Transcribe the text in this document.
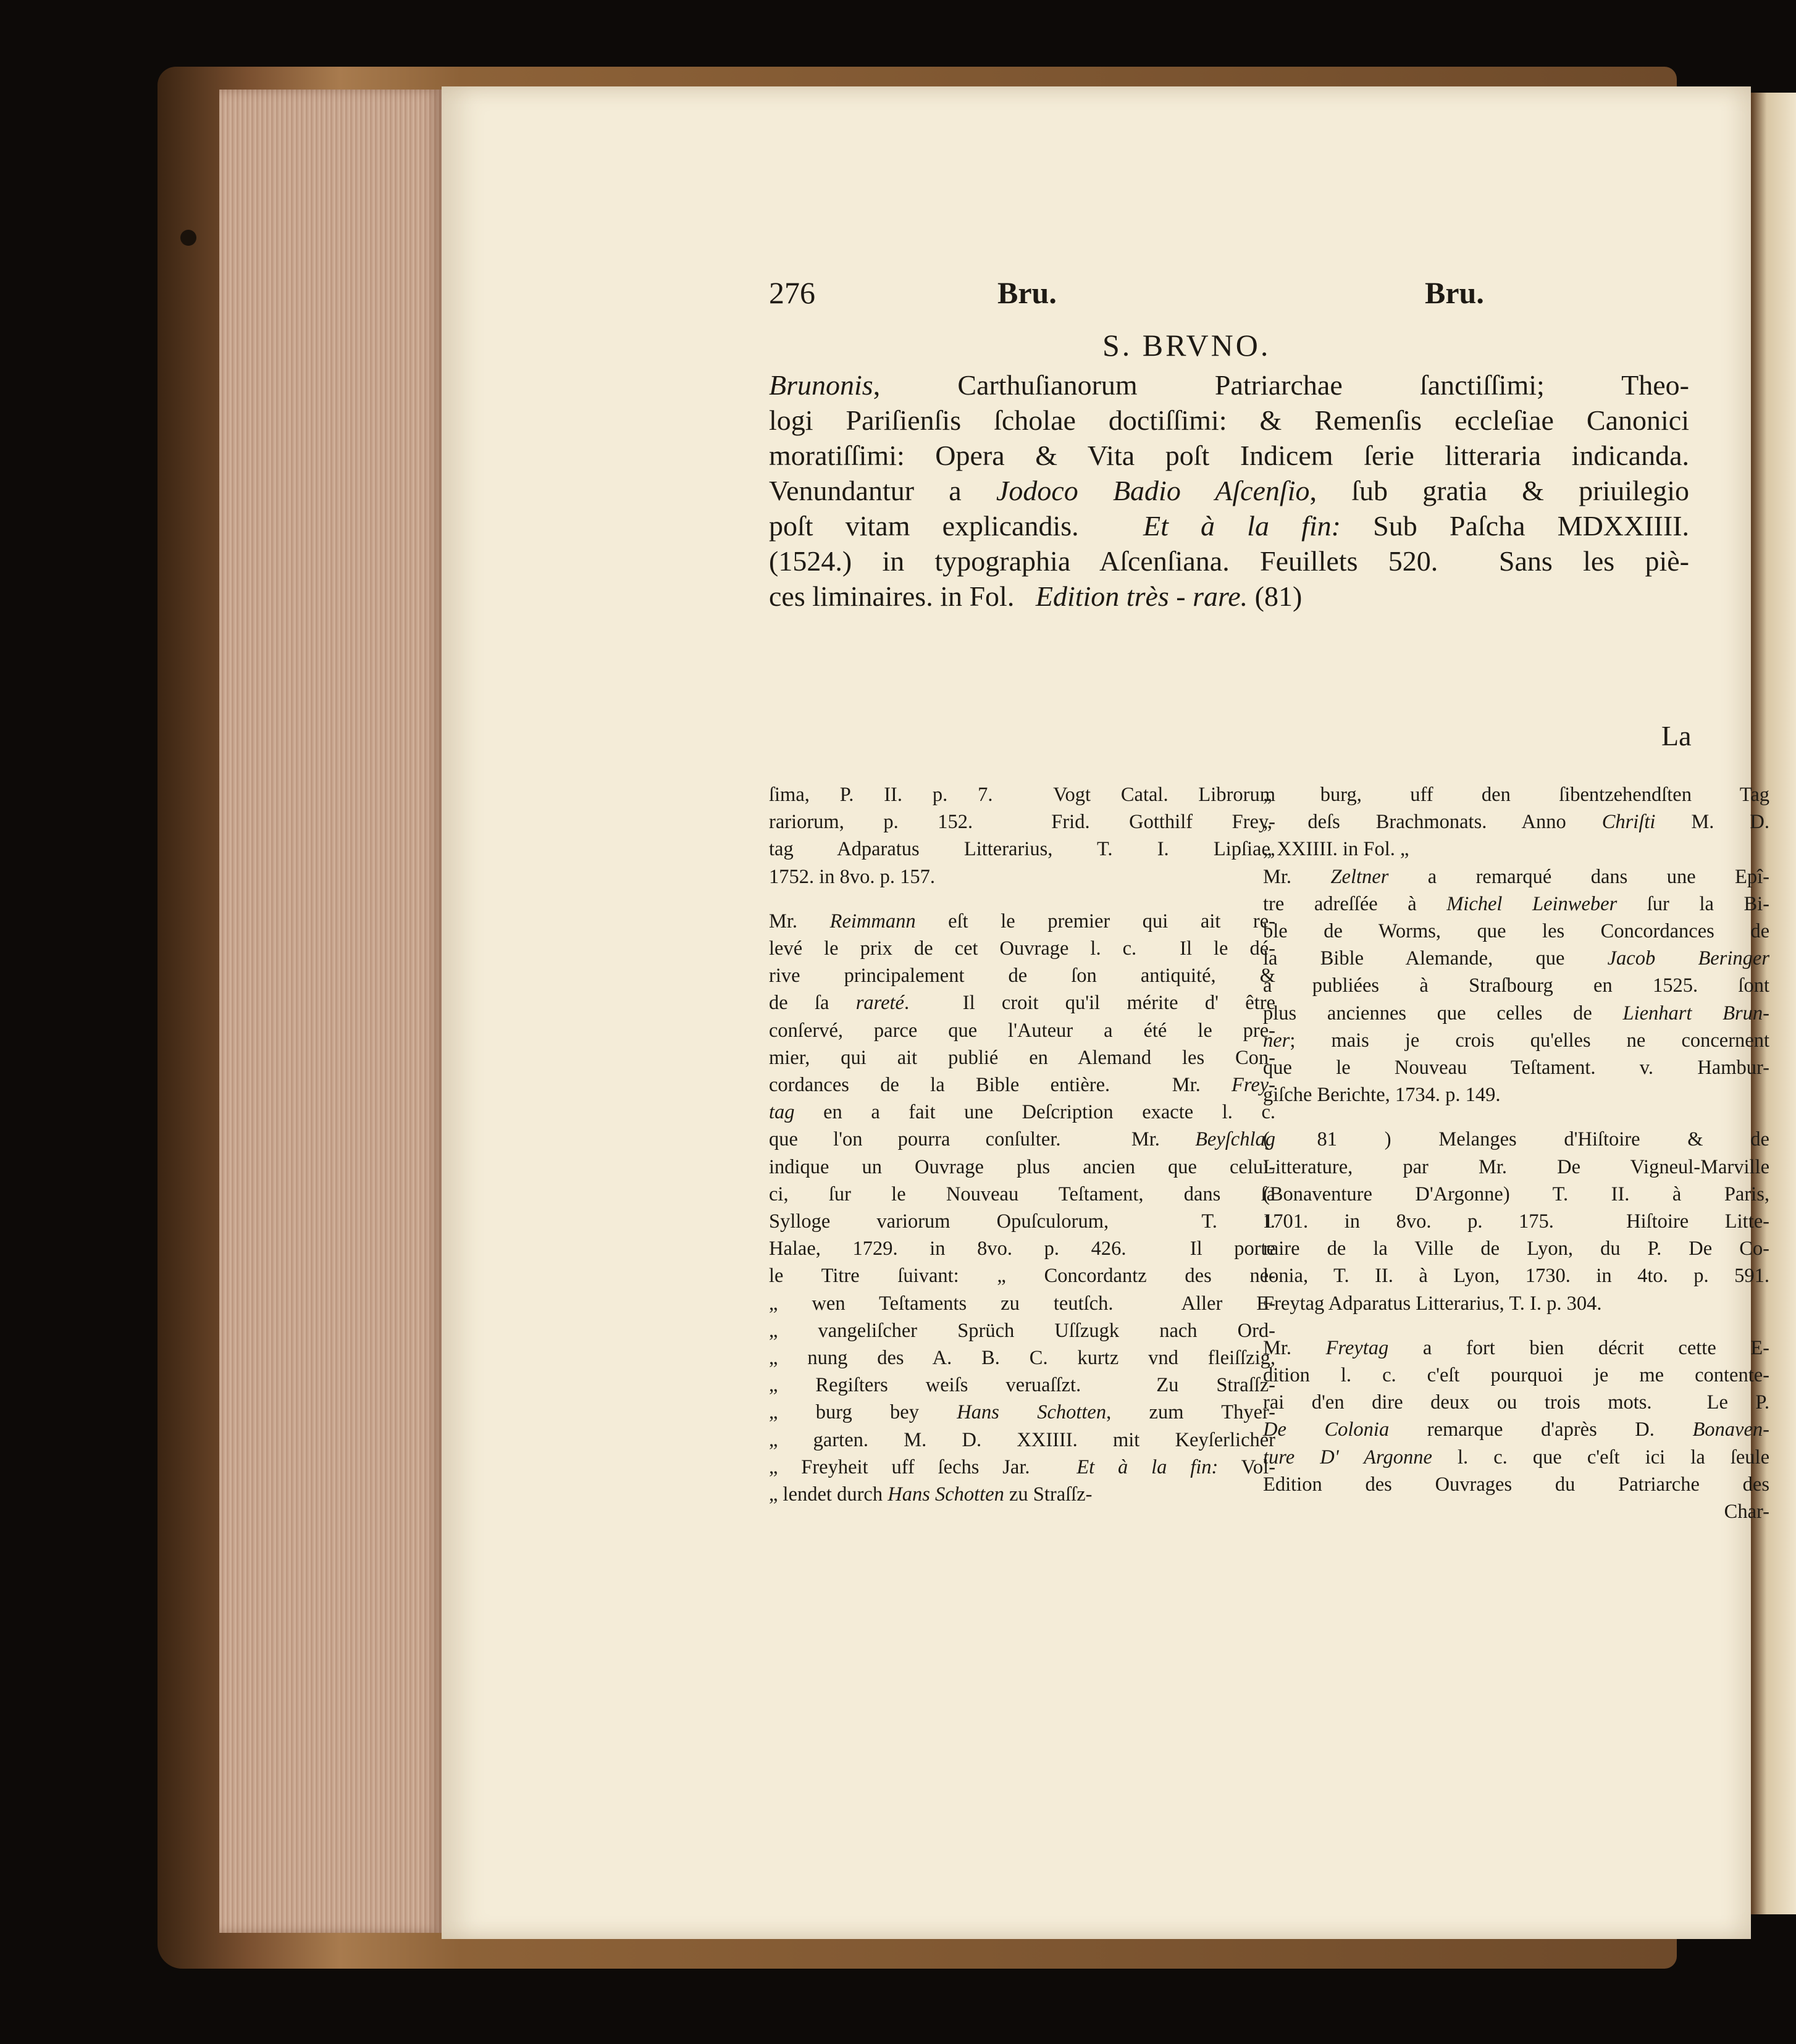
276	Bru.	Bru.
S. BRVNO.
Brunonis, Carthuſianorum Patriarchae ſanctiſſimi; Theo-
logi Pariſienſis ſcholae doctiſſimi: & Remenſis eccleſiae Canonici
moratiſſimi: Opera & Vita poſt Indicem ſerie litteraria indicanda.
Venundantur a Jodoco Badio Aſcenſio, ſub gratia & priuilegio
poſt vitam explicandis.  Et à la fin: Sub Paſcha MDXXIIII.
(1524.) in typographia Aſcenſiana. Feuillets 520.  Sans les piè-
ces liminaires. in Fol.   Edition très - rare. (81)
La
ſima, P. II. p. 7.  Vogt Catal. Librorum
rariorum, p. 152.  Frid. Gotthilf Frey-
tag Adparatus Litterarius, T. I. Lipſiae,
1752. in 8vo. p. 157.
Mr. Reimmann eſt le premier qui ait re-
levé le prix de cet Ouvrage l. c.  Il le dé-
rive principalement de ſon antiquité, &
de ſa rareté.  Il croit qu'il mérite d' être
conſervé, parce que l'Auteur a été le pre-
mier, qui ait publié en Alemand les Con-
cordances de la Bible entière.  Mr. Frey-
tag en a fait une Deſcription exacte l. c.
que l'on pourra conſulter.  Mr. Beyſchlag
indique un Ouvrage plus ancien que celui-
ci, ſur le Nouveau Teſtament, dans ſa
Sylloge variorum Opuſculorum,  T. I.
Halae, 1729. in 8vo. p. 426.  Il porte
le Titre ſuivant: „ Concordantz des ne-
„ wen Teſtaments zu teutſch.  Aller E-
„ vangeliſcher Sprüch Uſſzugk nach Ord-
„ nung des A. B. C. kurtz vnd fleiſſzig,
„ Regiſters weiſs veruaſſzt.  Zu Straſſz-
„ burg bey Hans Schotten, zum Thyer-
„ garten. M. D. XXIIII. mit Keyſerlicher
„ Freyheit uff ſechs Jar.  Et à la fin: Vol-
„ lendet durch Hans Schotten zu Straſſz-
„ burg, uff den ſibentzehendſten Tag
„ deſs Brachmonats. Anno Chriſti M. D.
„ XXIIII. in Fol. „
Mr. Zeltner a remarqué dans une Epî-
tre adreſſée à Michel Leinweber ſur la Bi-
ble de Worms, que les Concordances de
la Bible Alemande, que Jacob Beringer
a publiées à Straſbourg en 1525. ſont
plus anciennes que celles de Lienhart Brun-
ner; mais je crois qu'elles ne concernent
que le Nouveau Teſtament. v. Hambur-
giſche Berichte, 1734. p. 149.
( 81 ) Melanges d'Hiſtoire & de
Litterature, par Mr. De Vigneul-Marville
(Bonaventure D'Argonne) T. II. à Paris,
1701. in 8vo. p. 175.  Hiſtoire Litte-
raire de la Ville de Lyon, du P. De Co-
lonia, T. II. à Lyon, 1730. in 4to. p. 591.
Freytag Adparatus Litterarius, T. I. p. 304.
Mr. Freytag a fort bien décrit cette E-
dition l. c. c'eſt pourquoi je me contente-
rai d'en dire deux ou trois mots.  Le P.
De Colonia remarque d'après D. Bonaven-
ture D' Argonne l. c. que c'eſt ici la ſeule
Edition des Ouvrages du Patriarche des
Char-
